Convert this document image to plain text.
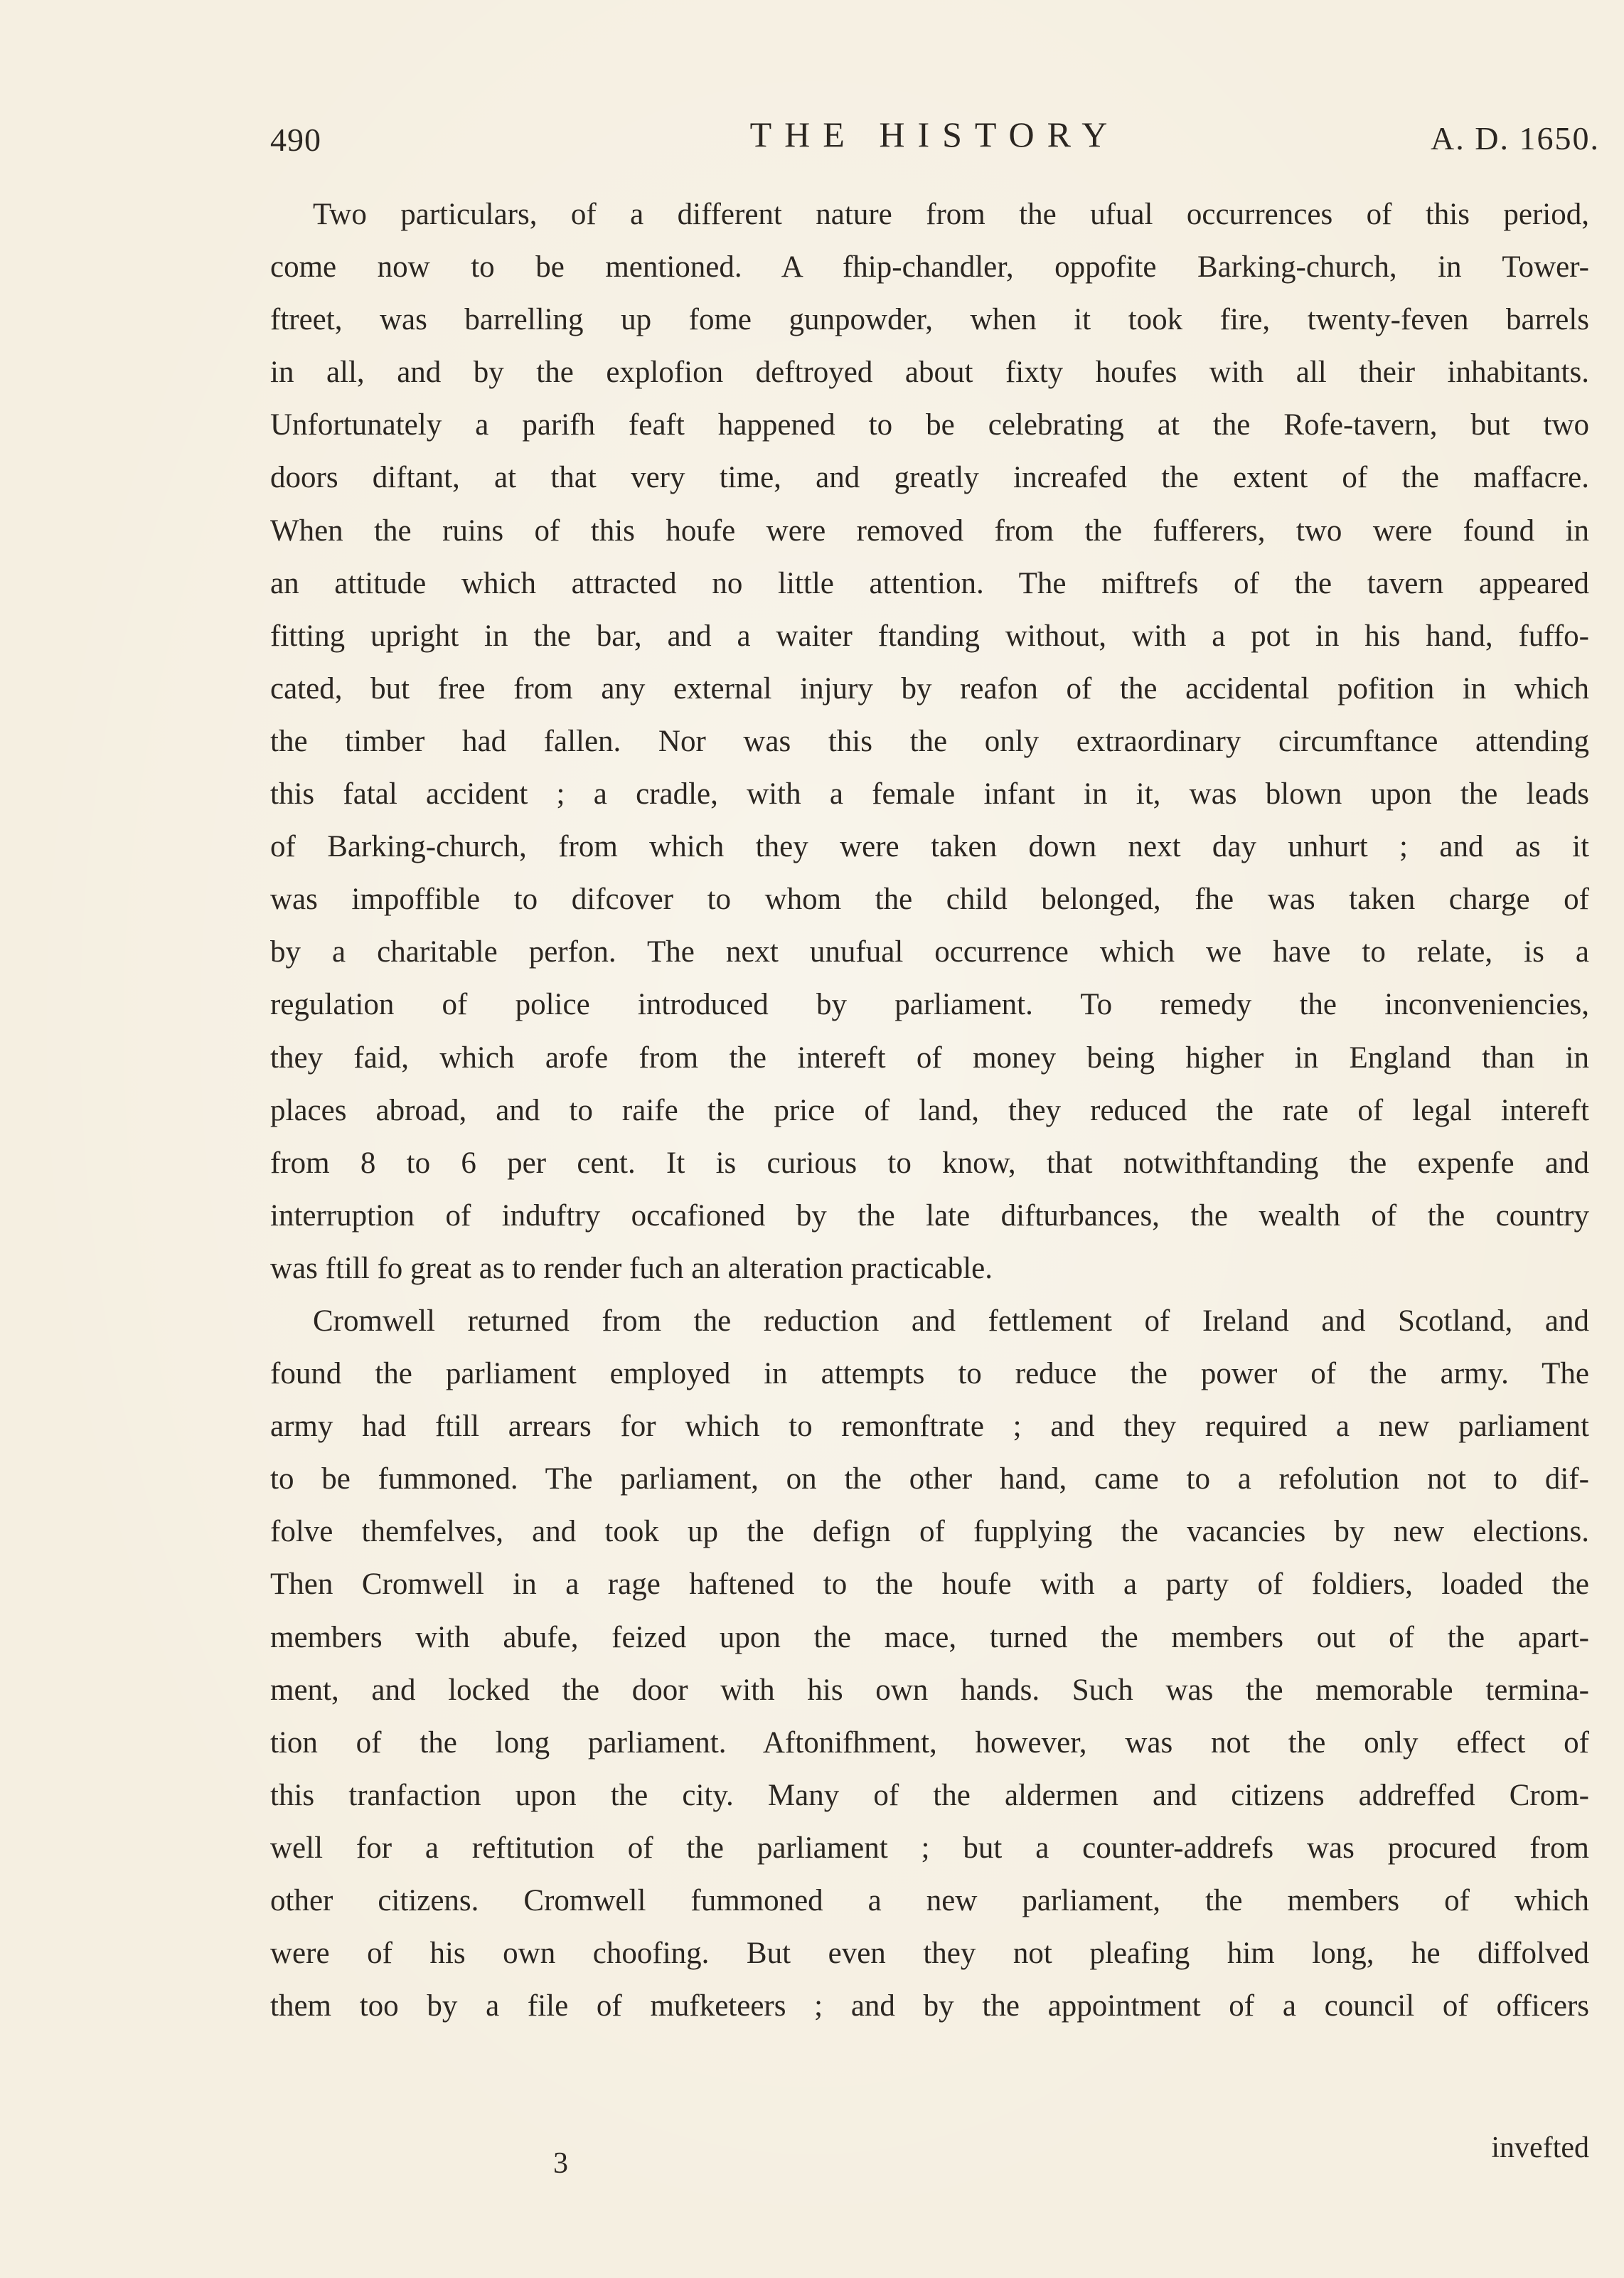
490	THE HISTORY	A. D. 1650.
Two particulars, of a different nature from the ufual occurrences of this period,
come now to be mentioned. A fhip-chandler, oppofite Barking-church, in Tower-
ftreet, was barrelling up fome gunpowder, when it took fire, twenty-feven barrels
in all, and by the explofion deftroyed about fixty houfes with all their inhabitants.
Unfortunately a parifh feaft happened to be celebrating at the Rofe-tavern, but two
doors diftant, at that very time, and greatly increafed the extent of the maffacre.
When the ruins of this houfe were removed from the fufferers, two were found in
an attitude which attracted no little attention. The miftrefs of the tavern appeared
fitting upright in the bar, and a waiter ftanding without, with a pot in his hand, fuffo-
cated, but free from any external injury by reafon of the accidental pofition in which
the timber had fallen. Nor was this the only extraordinary circumftance attending
this fatal accident ; a cradle, with a female infant in it, was blown upon the leads
of Barking-church, from which they were taken down next day unhurt ; and as it
was impoffible to difcover to whom the child belonged, fhe was taken charge of
by a charitable perfon. The next unufual occurrence which we have to relate, is a
regulation of police introduced by parliament. To remedy the inconveniencies,
they faid, which arofe from the intereft of money being higher in England than in
places abroad, and to raife the price of land, they reduced the rate of legal intereft
from 8 to 6 per cent. It is curious to know, that notwithftanding the expenfe and
interruption of induftry occafioned by the late difturbances, the wealth of the country
was ftill fo great as to render fuch an alteration practicable.
Cromwell returned from the reduction and fettlement of Ireland and Scotland, and
found the parliament employed in attempts to reduce the power of the army. The
army had ftill arrears for which to remonftrate ; and they required a new parliament
to be fummoned. The parliament, on the other hand, came to a refolution not to dif-
folve themfelves, and took up the defign of fupplying the vacancies by new elections.
Then Cromwell in a rage haftened to the houfe with a party of foldiers, loaded the
members with abufe, feized upon the mace, turned the members out of the apart-
ment, and locked the door with his own hands. Such was the memorable termina-
tion of the long parliament. Aftonifhment, however, was not the only effect of
this tranfaction upon the city. Many of the aldermen and citizens addreffed Crom-
well for a reftitution of the parliament ; but a counter-addrefs was procured from
other citizens. Cromwell fummoned a new parliament, the members of which
were of his own choofing. But even they not pleafing him long, he diffolved
them too by a file of mufketeers ; and by the appointment of a council of officers
3	invefted
